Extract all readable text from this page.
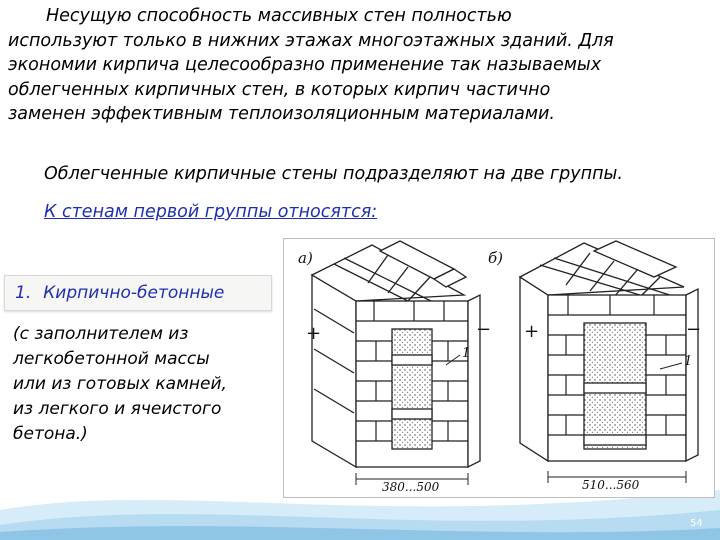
Несущую способность массивных стен полностью
используют только в нижних этажах многоэтажных зданий. Для
экономии кирпича целесообразно применение так называемых
облегченных кирпичных стен, в которых кирпич частично
заменен эффективным теплоизоляционным материалами.
Облегченные кирпичные стены подразделяют на две группы.
К стенам первой группы относятся:
1. Кирпично-бетонные
(с заполнителем из
легкобетонной массы
или из готовых камней,
из легкого и ячеистого
бетона.)
а)
+	−
1
380...500
б)
+	−
1
510...560
54
